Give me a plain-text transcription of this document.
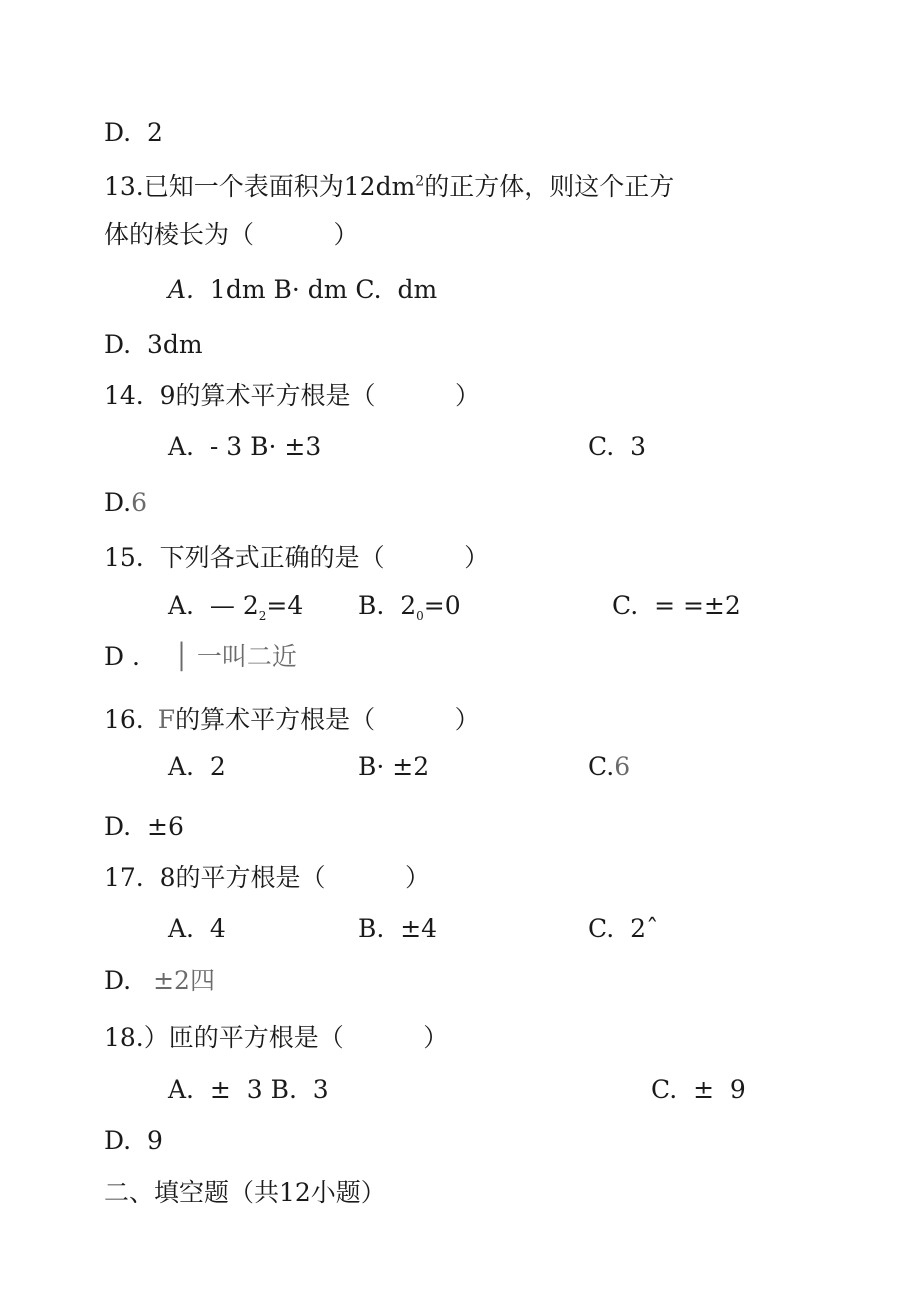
D.  2
13.已知一个表面积为$12dm^2$的正方体，则这个正方
体的棱长为（          ）
A.  1dm B· dm C.  dm
D.  3dm
14.  9的算术平方根是（          ）
A.  - 3 B· ±3	C.  3
D.6
15.  下列各式正确的是（          ）
A.  — $2_2=4$ B.  $2_0=0$	C.  = =±2
D . │ 一叫二近
16. F的算术平方根是（          ）
A.  2	B· ±2	C.6
D.  ±6
17.  8的平方根是（          ）
A.  4	B.  ±4	C.  2ˆ
D. ±2四
18.）匝的平方根是（          ）
A.  ±  3 B.  3	C.  ±  9
D.  9
二、填空题（共12小题）
